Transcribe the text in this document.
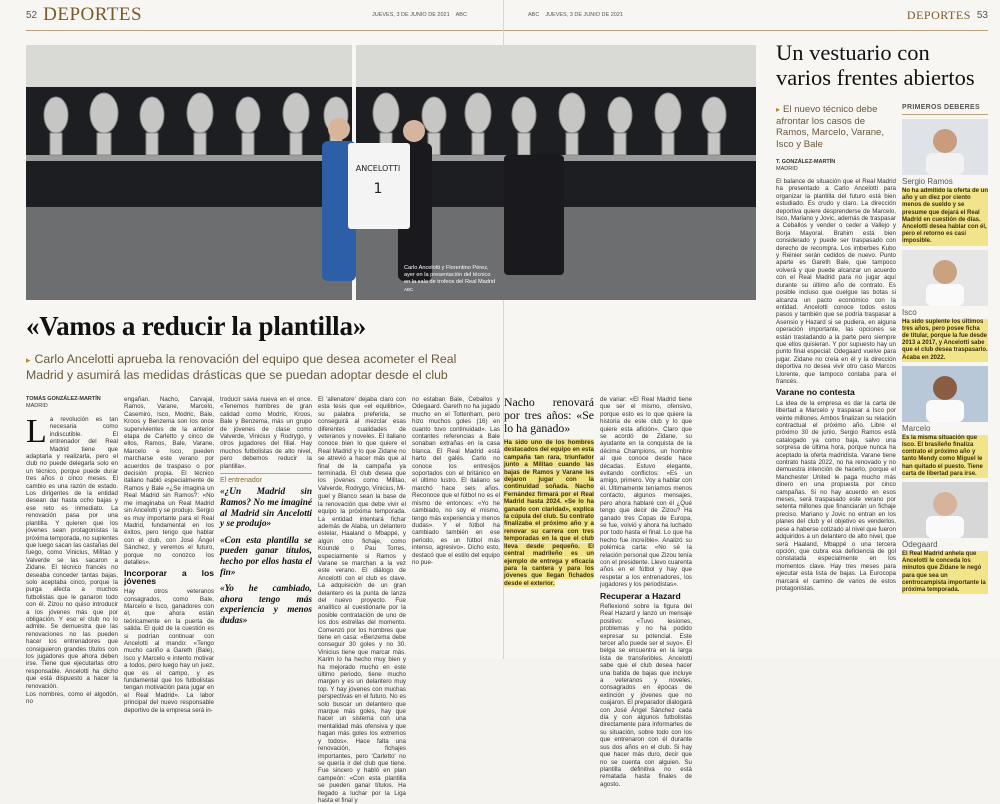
52 DEPORTES	JUEVES, 3 DE JUNIO DE 2021 ABC
ANCELOTTI
1
Carlo Ancelotti y Florentino Pérez, ayer en la presentación del técnico en la sala de trofeos del Real Madrid ABC
«Vamos a reducir la plantilla»
▸ Carlo Ancelotti aprueba la renovación del equipo que desea acometer el Real Madrid y asumirá las medidas drásticas que se puedan adoptar desde el club
TOMÁS GONZÁLEZ-MARTÍN
MADRID

La revolución es tan necesaria como indiscutible. El entrenador del Real Madrid tiene que adaptarla y realizarla, pero el club no puede delegarla solo en un técnico, porque puede durar tres años o cinco meses. El cambio es una razón de estado. Los dirigentes de la entidad desean dar hasta ocho bajas y ese reto es inmediato. La renovación pasa por una plantilla. Y quieren que los jóvenes sean protagonistas la próxima temporada, no suplentes que luego sacan las castañas del fuego, como Vinicius, Militao y Valverde se las sacaron a Zidane. El técnico francés no deseaba conceder tantas bajas, solo aceptaba cinco, porque la purga afecta a muchos futbolistas que le ganaron todo con él. Zizou no quiso introducir a los jóvenes más que por obligación. Y eso el club no lo admite. Se demuestra que las renovaciones no las pueden hacer los entrenadores que consiguieron grandes títulos con los jugadores que ahora deben irse. Tiene que ejecutarlas otro responsable. Ancelotti ha dicho que está dispuesto a hacer la renovación.

Los nombres, como el algodón, no

engañan. Nacho, Carvajal, Ramos, Varane, Marcelo, Casemiro, Isco, Modric, Bale, Kroos y Benzema son los once supervivientes de la anterior etapa de Carletto y cinco de ellos, Ramos, Bale, Varane, Marcelo e Isco, pueden marcharse este verano por acuerdos de traspaso o por decisión propia. El técnico italiano habló especialmente de Ramos y Bale «¿Se imagina un Real Madrid sin Ramos?: «No me imaginaba un Real Madrid sin Ancelotti y se produjo. Sergio es muy importante para el Real Madrid, fundamental en los éxitos, pero tengo que hablar con el club, con José Ángel Sánchez, y veremos el futuro, porque no conozco los detalles».

Incorporar a los jóvenes

Hay otros veteranos consagrados, como Bale, Marcelo e Isco, ganadores con él, que ahora están teóricamente en la puerta de salida. El quid de la cuestión es si podrían continuar con Ancelotti al mando: «Tengo mucho cariño a Gareth (Bale), Isco y Marcelo e intento motivar a todos, pero luego hay un juez, que es el campo, y es fundamental que los futbolistas tengan motivación para jugar en el Real Madrid». La labor principal del nuevo responsable deportivo de la empresa será in-

troducir savia nueva en el once. «Tenemos hombres de gran calidad como Modric, Kroos, Bale y Benzema, más un grupo de jóvenes de clase como Valverde, Vinicius y Rodrygo, y otros jugadores del filial. Hay muchos futbolistas de alto nivel, pero debemos reducir la plantilla».

El entrenador
«¿Un Madrid sin Ramos? No me imaginé al Madrid sin Ancelotti y se produjo»
«Con esta plantilla se pueden ganar títulos, hecho por ellos hasta el fin»
«Yo he cambiado, ahora tengo más experiencia y menos dudas»

El 'allenatore' dejaba claro con esta tesis que «el equilibrio», su palabra preferida, se conseguirá al mezclar esas diferentes cualidades de veteranos y noveles. El italiano conoce bien lo que quiere el Real Madrid y lo que Zidane no se atrevió a hacer más que al final de la campaña ya terminada. El club desea que los jóvenes como Militao, Valverde, Rodrygo, Vinicius, Mi-

guel y Blanco sean la base de la renovación que debe vivir el equipo la próxima temporada. La entidad intentará fichar además de Alaba, un delantero estelar, Haaland o Mbappé, y algún otro fichaje, como Koundé o Pau Torres, especialmente si Ramos y Varane se marchan a la vez este verano. El diálogo de Ancelotti con el club es clave. La adquisición de un gran delantero es la punta de lanza del nuevo proyecto. Fue analítico al cuestionarle por la posible contratación de uno de los dos estrellas del momento. Comenzó por los hombres que tiene en casa: «Benzema debe conseguir 30 goles y no 30. Vinicius tiene que marcar más. Karim lo ha hecho muy bien y ha mejorado mucho en este último periodo, tiene mucho margen y es un delantero muy top. Y hay jóvenes con muchas perspectivas en el futuro. No es solo buscar un delantero que marque más goles, hay que hacer un sistema con una mentalidad más ofensiva y que hagan más goles los extremos y todos». Hace falta una renovación, fichajes importantes, pero 'Carletto' no se quería ir del club que tiene. Fue sincero y habló en plan campeón: «Con esta plantilla se pueden ganar títulos. Ha llegado a luchar por la Liga hasta el final y

no estaban Bale, Ceballos y Odegaard. Gareth no ha jugado mucho en el Tottenham, pero hizo muchos goles (16) en cuanto tuvo continuidad». Las contantes referencias a Bale sonaban extrañas en la casa blanca. El Real Madrid está harto del galés. Carlo no conoce los entresijos soportados con el británico en el último lustro. El italiano se marchó hace seis años. Reconoce que el fútbol no es el mismo de entonces: «Yo he cambiado, no soy el mismo, tengo más experiencia y menos dudas». Y el fútbol ha cambiado también en ese periodo, es un fútbol más intenso, agresivo». Dicho esto, destacó que el estilo del equipo no pue-

ABC JUEVES, 3 DE JUNIO DE 2021	DEPORTES 53
Nacho renovará por tres años: «Se lo ha ganado»

Ha sido uno de los hombres destacados del equipo en esta campaña tan rara, triunfador junto a Militao cuando las bajas de Ramos y Varane les dejaron jugar con la continuidad soñada. Nacho Fernández firmará por el Real Madrid hasta 2024. «Se lo ha ganado con claridad», explica la cúpula del club. Su contrato finalizaba el próximo año y a renovar su carrera con tres temporadas en la que el club lleva desde pequeño. El central madrileño es un ejemplo de entrega y eficacia para la cantera y para los jóvenes que llegan fichados desde el exterior.

de variar: «El Real Madrid tiene que ser el mismo, ofensivo, porque esto es lo que quiere la historia de este club y lo que quiere esta afición». Claro que se acordó de Zidane, su ayudante en la conquista de la décima Champions, un hombre al que conoce desde hace décadas. Estuvo elegante, evitando conflictos: «Es un amigo, primero. Voy a hablar con él. Últimamente teníamos menos contacto, algunos mensajes, pero ahora hablaré con él ¿Qué tengo que decir de Zizou? Ha ganado tres Copas de Europa, se fue, volvió y ahora ha luchado por todo hasta el final. Lo que ha hecho fue increíble». Analizó su polémica carta: «No sé la relación personal que Zizou tenía con el presidente. Llevo cuarenta años en el fútbol y hay que respetar a los entrenadores, los jugadores y los periodistas».

Recuperar a Hazard

Reflexionó sobre la figura del Real Hazard y lanzó un mensaje positivo: «Tuvo lesiones, problemas y no ha podido expresar su potencial. Este tercer año puede ser el suyo». El belga se encuentra en la larga lista de transferibles. Ancelotti sabe que el club desea hacer una batida de bajas que incluye a veteranos y noveles, consagrados en épocas de extinción y jóvenes que no cuajaron. El preparador dialogará con José Ángel Sánchez cada día y con algunos futbolistas directamente para informarles de su situación, sobre todo con los que entrenaron con él durante sus dos años en el club. Si hay que hacer más duro, decir que no se cuenta con alguien. Su plantilla definitiva no está rematada hasta finales de agosto.

Un vestuario con varios frentes abiertos
▸ El nuevo técnico debe afrontar los casos de Ramos, Marcelo, Varane, Isco y Bale
T. GONZÁLEZ-MARTÍN
MADRID

El balance de situación que el Real Madrid ha presentado a Carlo Ancelotti para organizar la plantilla del futuro está bien estudiado. Es crudo y claro. La dirección deportiva quiere desprenderse de Marcelo, Isco, Mariano y Jovic, además de traspasar a Ceballos y vender o ceder a Vallejo y Borja Mayoral. Brahim está bien considerado y puede ser traspasado con derecho de recompra. Los imberbes Kubo y Reinier serán cedidos de nuevo. Punto aparte es Gareth Bale, que tampoco volverá y que puede alcanzar un acuerdo con el Real Madrid para no jugar aquí durante su último año de contrato. Es posible incluso que cuelgue las botas si alcanza un pacto económico con la entidad. Ancelotti conoce todos estos pasos y también que se podría traspasar a Asensio y Hazard si se pudiera, en alguna operación importante, las opciones se están trasladando a la parte pero siempre que ellos quisieran. Y por supuesto hay un punto final especial: Odegaard vuelve para jugar. Zidane no creía en él y la dirección deportiva no desea vivir otro caso Marcos Llorente, que tampoco contaba para el francés.

Varane no contesta

La idea de la empresa es dar la carta de libertad a Marcelo y traspasar a Isco por veinte millones. Ambos finalizan su relación contractual el próximo año. Libre el próximo 30 de junio, Sergio Ramos está catalogado ya como baja, salvo una sorpresa de última hora, porque nunca ha aceptado la oferta madridista. Varane tiene contrato hasta 2022, no ha renovado y no demuestra intención de hacerlo, porque el Manchester United le paga mucho más dinero en una propuesta por cinco campañas. Si no hay acuerdo en esos meses, será traspasado este verano por setenta millones que financiarán un fichaje preciso. Mariano y Jovic no entran en los planes del club y el objetivo es venderlos, pese a haberse cotizado al nivel que fueron adquiridos a un delantero de alto nivel, que será Haaland, Mbappé o una tercera opción, que cubra esa deficiencia de gol constatada especialmente en los momentos clave. Hay tres meses para ejecutar esta lista de bajas. La Eurocopa marcará el camino de varios de estos protagonistas.

PRIMEROS DEBERES
Sergio Ramos
No ha admitido la oferta de un año y un diez por ciento menos de sueldo y se presume que dejará el Real Madrid en cuestión de días. Ancelotti desea hablar con él, pero el retorno es casi imposible.
Isco
Ha sido suplente los últimos tres años, pero posee ficha de titular, porque la fue desde 2013 a 2017, y Ancelotti sabe que el club desea traspasarlo. Acaba en 2022.
Marcelo
Es la misma situación que Isco. El brasileño finaliza contrato el próximo año y tanto Mendy como Miguel le han quitado el puesto. Tiene carta de libertad para irse.
Odegaard
El Real Madrid anhela que Ancelotti le conceda los minutos que Zidane le negó para que sea un centrocampista importante la próxima temporada.
